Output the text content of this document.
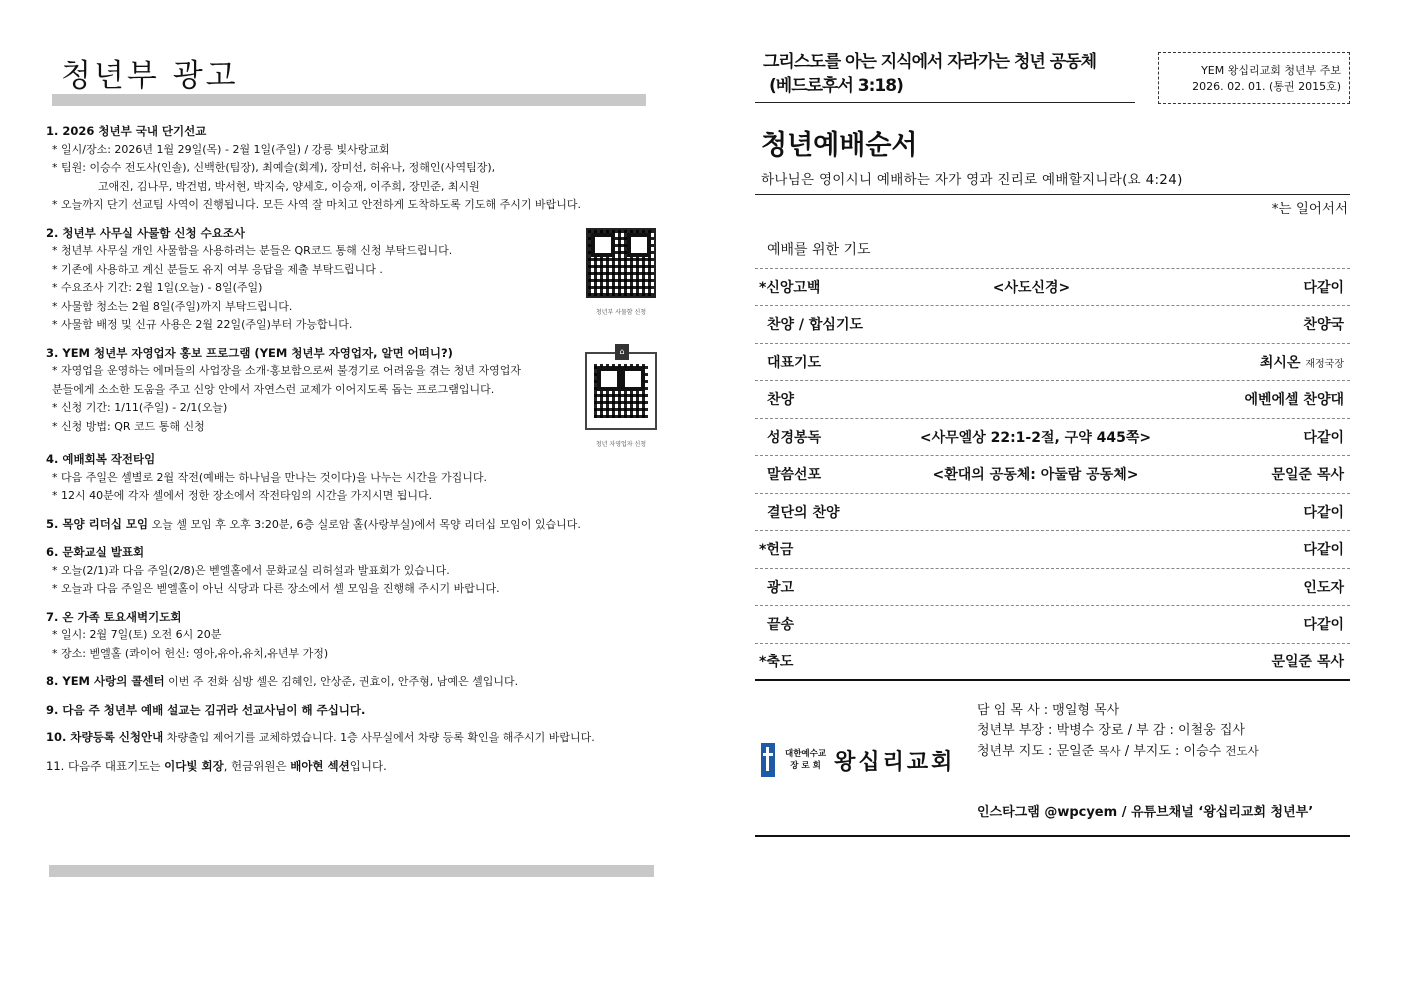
청년부 광고
1. 2026 청년부 국내 단기선교
* 일시/장소: 2026년 1월 29일(목) - 2월 1일(주일) / 강릉 빛사랑교회
* 팀원: 이승수 전도사(인솔), 신백한(팀장), 최예슬(회계), 장미선, 허유나, 정해인(사역팀장),
고애진, 김나무, 박건범, 박서현, 박지숙, 양세호, 이승재, 이주희, 장민준, 최시원
* 오늘까지 단기 선교팀 사역이 진행됩니다. 모든 사역 잘 마치고 안전하게 도착하도록 기도해 주시기 바랍니다.
청년부 사물함 신청
2. 청년부 사무실 사물함 신청 수요조사
* 청년부 사무실 개인 사물함을 사용하려는 분들은 QR코드 통해 신청 부탁드립니다.
* 기존에 사용하고 계신 분들도 유지 여부 응답을 제출 부탁드립니다 .
* 수요조사 기간: 2월 1일(오늘) - 8일(주일)
* 사물함 청소는 2월 8일(주일)까지 부탁드립니다.
* 사물함 배정 및 신규 사용은 2월 22일(주일)부터 가능합니다.
⌂
청년 자영업자 신청
3. YEM 청년부 자영업자 홍보 프로그램 (YEM 청년부 자영업자, 알면 어떠니?)
* 자영업을 운영하는 에머들의 사업장을 소개·홍보함으로써 불경기로 어려움을 겪는 청년 자영업자
분들에게 소소한 도움을 주고 신앙 안에서 자연스런 교제가 이어지도록 돕는 프로그램입니다.
* 신청 기간: 1/11(주일) - 2/1(오늘)
* 신청 방법: QR 코드 통해 신청
4. 예배회복 작전타임
* 다음 주일은 셀별로 2월 작전(예배는 하나님을 만나는 것이다)을 나누는 시간을 가집니다.
* 12시 40분에 각자 셀에서 정한 장소에서 작전타임의 시간을 가지시면 됩니다.
5. 목양 리더십 모임 오늘 셀 모임 후 오후 3:20분, 6층 실로암 홀(사랑부실)에서 목양 리더십 모임이 있습니다.
6. 문화교실 발표회
* 오늘(2/1)과 다음 주일(2/8)은 벧엘홀에서 문화교실 리허설과 발표회가 있습니다.
* 오늘과 다음 주일은 벧엘홀이 아닌 식당과 다른 장소에서 셀 모임을 진행해 주시기 바랍니다.
7. 온 가족 토요새벽기도회
* 일시: 2월 7일(토) 오전 6시 20분
* 장소: 벧엘홀 (콰이어 헌신: 영아,유아,유치,유년부 가정)
8. YEM 사랑의 콜센터 이번 주 전화 심방 셀은 김혜인, 안상준, 권효이, 안주형, 남예은 셀입니다.
9. 다음 주 청년부 예배 설교는 김귀라 선교사님이 해 주십니다.
10. 차량등록 신청안내 차량출입 제어기를 교체하였습니다. 1층 사무실에서 차량 등록 확인을 해주시기 바랍니다.
11. 다음주 대표기도는 이다빛 회장, 헌금위원은 배아현 섹션입니다.
그리스도를 아는 지식에서 자라가는 청년 공동체
(베드로후서 3:18)
YEM 왕십리교회 청년부 주보
2026. 02. 01. (통권 2015호)
청년예배순서
하나님은 영이시니 예배하는 자가 영과 진리로 예배할지니라(요 4:24)
*는 일어서서
예배를 위한 기도
*신앙고백	<사도신경>	다같이
찬양 / 합심기도	찬양국
대표기도	최시온 재정국장
찬양	에벤에셀 찬양대
성경봉독	<사무엘상 22:1-2절, 구약 445쪽>	다같이
말씀선포	<환대의 공동체: 아둘람 공동체>	문일준 목사
결단의 찬양	다같이
*헌금	다같이
광고	인도자
끝송	다같이
*축도	문일준 목사
대한예수교
장 로 회 왕십리교회
담 임 목 사 : 맹일형 목사
청년부 부장 : 박병수 장로 / 부 감 : 이철웅 집사
청년부 지도 : 문일준 목사 / 부지도 : 이승수 전도사
인스타그램 @wpcyem / 유튜브채널 ‘왕십리교회 청년부’
